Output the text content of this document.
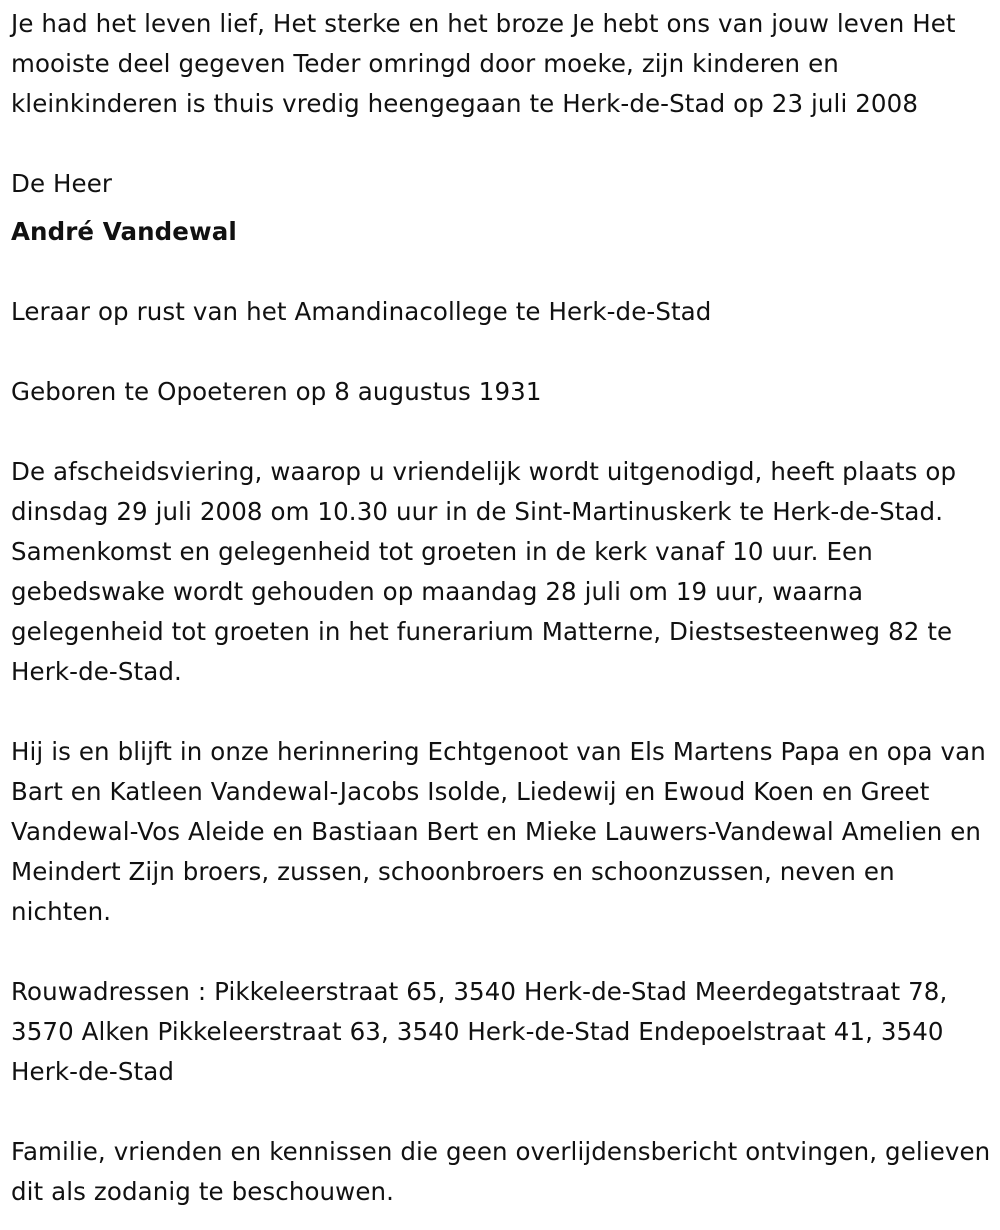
Je had het leven lief, Het sterke en het broze Je hebt ons van jouw leven Het mooiste deel gegeven Teder omringd door moeke, zijn kinderen en kleinkinderen is thuis vredig heengegaan te Herk-de-Stad op 23 juli 2008

De Heer

André Vandewal

Leraar op rust van het Amandinacollege te Herk-de-Stad

Geboren te Opoeteren op 8 augustus 1931

De afscheidsviering, waarop u vriendelijk wordt uitgenodigd, heeft plaats op dinsdag 29 juli 2008 om 10.30 uur in de Sint-Martinuskerk te Herk-de-Stad. Samenkomst en gelegenheid tot groeten in de kerk vanaf 10 uur. Een gebedswake wordt gehouden op maandag 28 juli om 19 uur, waarna gelegenheid tot groeten in het funerarium Matterne, Diestsesteenweg 82 te Herk-de-Stad.

Hij is en blijft in onze herinnering Echtgenoot van Els Martens Papa en opa van Bart en Katleen Vandewal-Jacobs Isolde, Liedewij en Ewoud Koen en Greet Vandewal-Vos Aleide en Bastiaan Bert en Mieke Lauwers-Vandewal Amelien en Meindert Zijn broers, zussen, schoonbroers en schoonzussen, neven en nichten.

Rouwadressen : Pikkeleerstraat 65, 3540 Herk-de-Stad Meerdegatstraat 78, 3570 Alken Pikkeleerstraat 63, 3540 Herk-de-Stad Endepoelstraat 41, 3540 Herk-de-Stad

Familie, vrienden en kennissen die geen overlijdensbericht ontvingen, gelieven dit als zodanig te beschouwen.
